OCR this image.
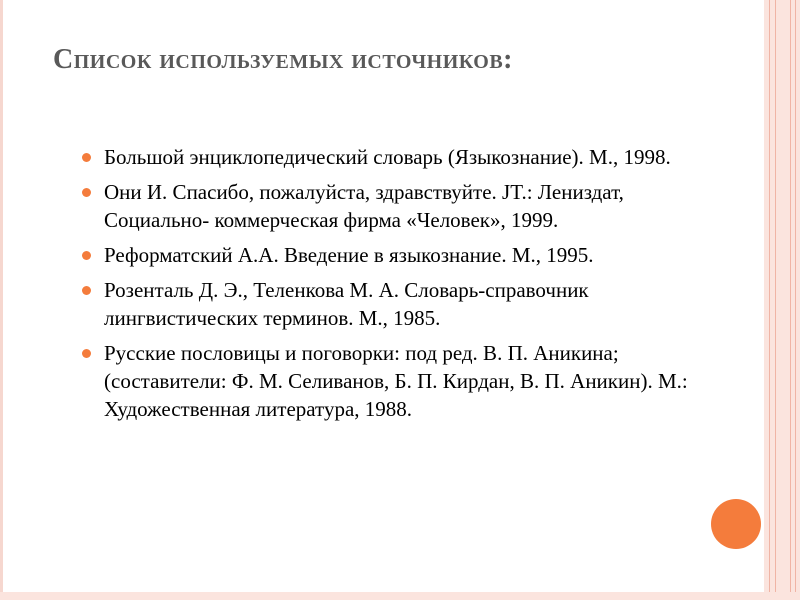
Список используемых источников:
Большой энциклопедический словарь (Языкознание). М., 1998.
Они И. Спасибо, пожалуйста, здравствуйте. JT.: Лениздат, Социально- коммерческая фирма «Человек», 1999.
Реформатский А.А. Введение в языкознание. М., 1995.
Розенталь Д. Э., Теленкова М. А. Словарь-справочник лингвистических терминов. М., 1985.
Русские пословицы и поговорки: под ред. В. П. Аникина; (составители: Ф. М. Селиванов, Б. П. Кирдан, В. П. Аникин). М.: Художественная литература, 1988.
